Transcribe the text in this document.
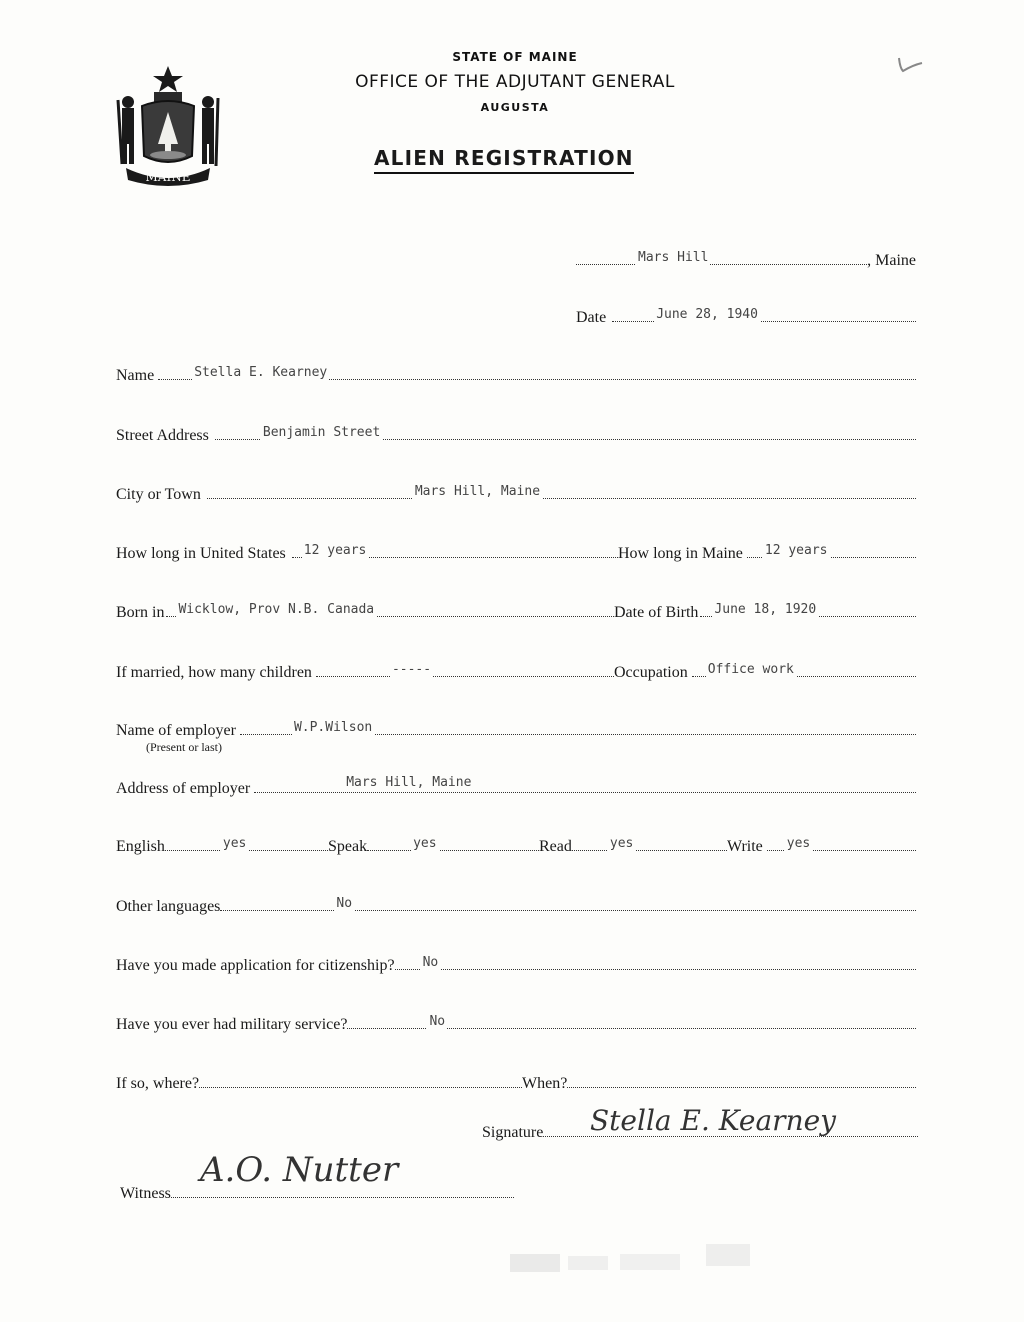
MAINE
STATE OF MAINE
OFFICE OF THE ADJUTANT GENERAL
AUGUSTA
ALIEN REGISTRATION
Mars Hill	, Maine
Date	June 28, 1940
Name	Stella E. Kearney
Street Address	Benjamin Street
City or Town	Mars Hill, Maine
How long in United States 12 years	How long in Maine 12 years
Born in Wicklow, Prov N.B. Canada	Date of Birth June 18, 1920
If married, how many children	-----	Occupation Office work
Name of employer	W.P.Wilson
(Present or last)
Address of employer	Mars Hill, Maine
English	yes	Speak	yes	Read	yes	Write yes
Other languages	No
Have you made application for citizenship? No
Have you ever had military service?	No
If so, where?	When?
Signature Stella E. Kearney
Witness
A.O. Nutter
